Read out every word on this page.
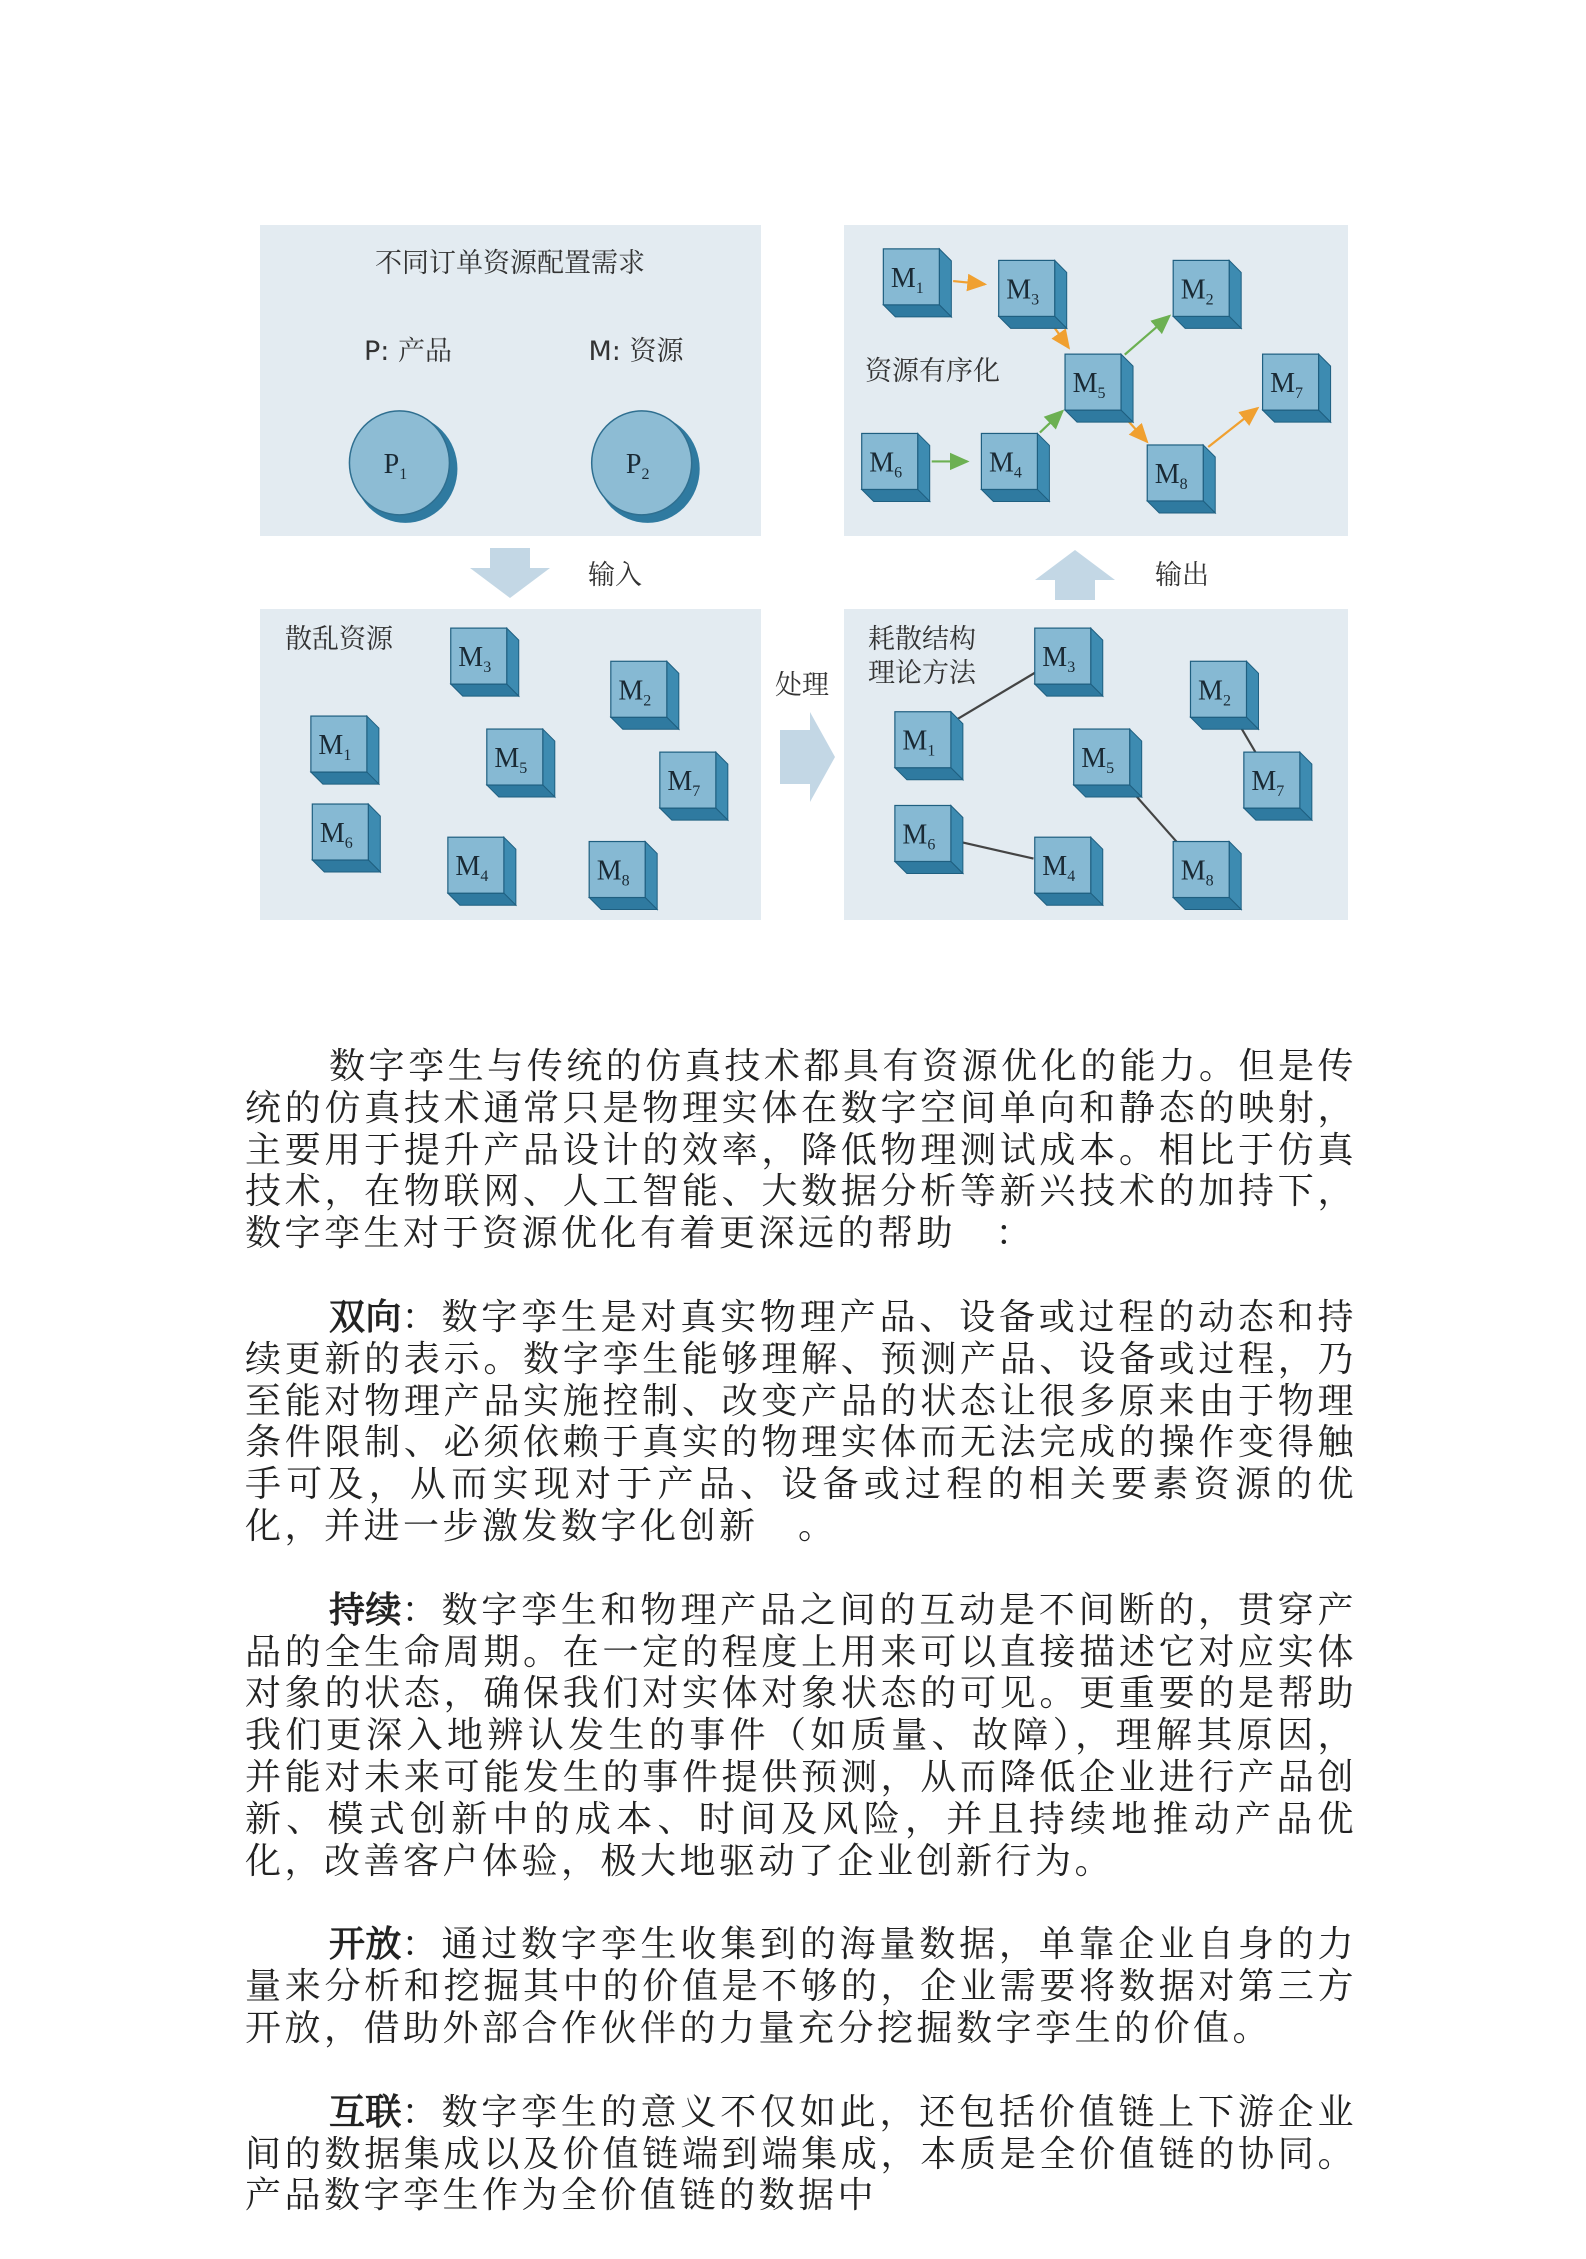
不同订单资源配置需求
P: 产品	M: 资源
资源有序化
散乱资源	耗散结构
理论方法
输入	输出
处理
$P_1$	$P_2$
$M_1$	$M_2$
$M_3$
$M_4$
$M_5$
$M_6$
$M_7$
$M_8$
$M_1$
$M_2$
$M_3$
$M_4$
$M_5$
$M_6$
$M_7$
$M_8$
$M_1$
$M_2$
$M_3$
$M_4$
$M_5$
$M_6$
$M_7$
$M_8$

数字孪生与传统的仿真技术都具有资源优化的能力。但是传统的仿真技术通常只是物理实体在数字空间单向和静态的映射，主要用于提升产品设计的效率，降低物理测试成本。相比于仿真技术，在物联网、人工智能、大数据分析等新兴技术的加持下，数字孪生对于资源优化有着更深远的帮助　：

双向：数字孪生是对真实物理产品、设备或过程的动态和持续更新的表示。数字孪生能够理解、预测产品、设备或过程，乃至能对物理产品实施控制、改变产品的状态让很多原来由于物理条件限制、必须依赖于真实的物理实体而无法完成的操作变得触手可及，从而实现对于产品、设备或过程的相关要素资源的优化，并进一步激发数字化创新　。

持续：数字孪生和物理产品之间的互动是不间断的，贯穿产品的全生命周期。在一定的程度上用来可以直接描述它对应实体对象的状态，确保我们对实体对象状态的可见。更重要的是帮助我们更深入地辨认发生的事件（如质量、故障），理解其原因，并能对未来可能发生的事件提供预测，从而降低企业进行产品创新、模式创新中的成本、时间及风险，并且持续地推动产品优化，改善客户体验，极大地驱动了企业创新行为。

开放：通过数字孪生收集到的海量数据，单靠企业自身的力量来分析和挖掘其中的价值是不够的，企业需要将数据对第三方开放，借助外部合作伙伴的力量充分挖掘数字孪生的价值。

互联：数字孪生的意义不仅如此，还包括价值链上下游企业间的数据集成以及价值链端到端集成，本质是全价值链的协同。产品数字孪生作为全价值链的数据中
